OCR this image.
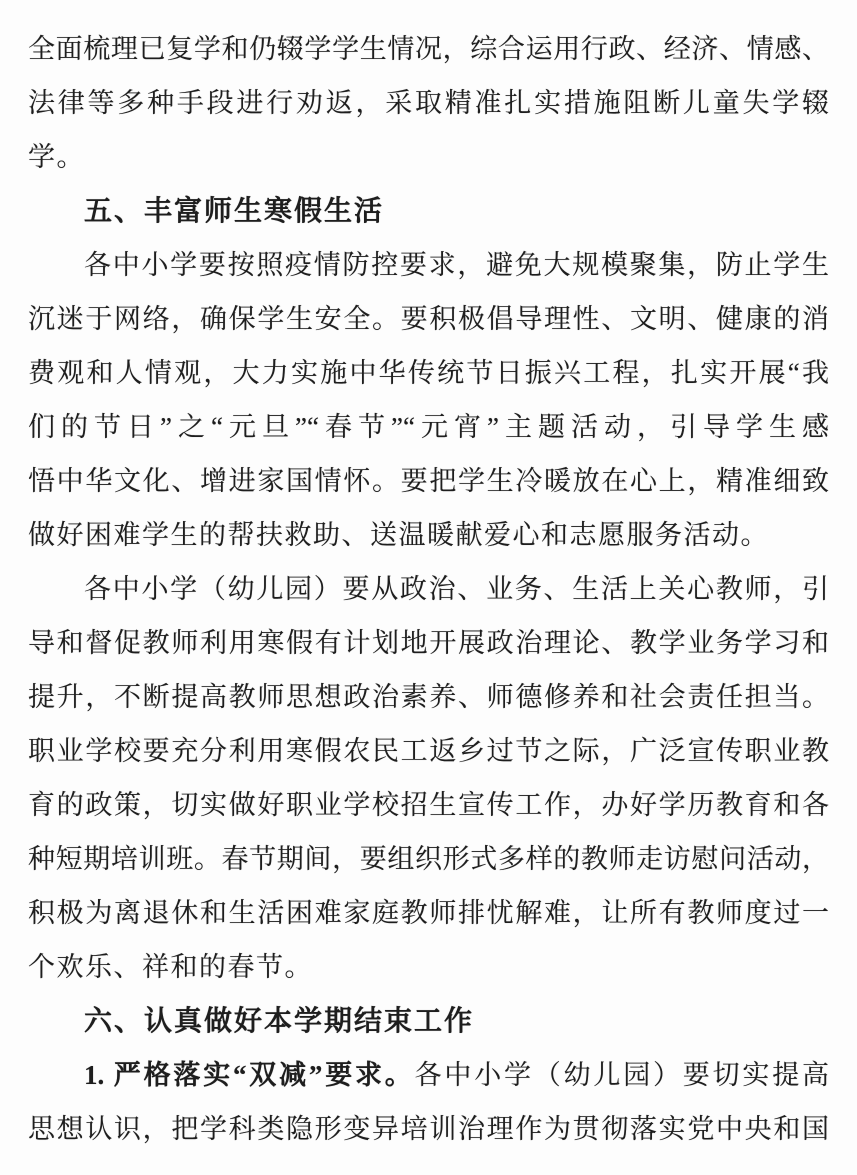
全面梳理已复学和仍辍学学生情况，综合运用行政、经济、情感、
法律等多种手段进行劝返，采取精准扎实措施阻断儿童失学辍
学。
五、丰富师生寒假生活
各中小学要按照疫情防控要求，避免大规模聚集，防止学生
沉迷于网络，确保学生安全。要积极倡导理性、文明、健康的消
费观和人情观，大力实施中华传统节日振兴工程，扎实开展“我
们的节日”之“元旦”“春节”“元宵”主题活动，引导学生感
悟中华文化、增进家国情怀。要把学生冷暖放在心上，精准细致
做好困难学生的帮扶救助、送温暖献爱心和志愿服务活动。
各中小学（幼儿园）要从政治、业务、生活上关心教师，引
导和督促教师利用寒假有计划地开展政治理论、教学业务学习和
提升，不断提高教师思想政治素养、师德修养和社会责任担当。
职业学校要充分利用寒假农民工返乡过节之际，广泛宣传职业教
育的政策，切实做好职业学校招生宣传工作，办好学历教育和各
种短期培训班。春节期间，要组织形式多样的教师走访慰问活动，
积极为离退休和生活困难家庭教师排忧解难，让所有教师度过一
个欢乐、祥和的春节。
六、认真做好本学期结束工作
1. 严格落实“双减”要求。各中小学（幼儿园）要切实提高
思想认识，把学科类隐形变异培训治理作为贯彻落实党中央和国
